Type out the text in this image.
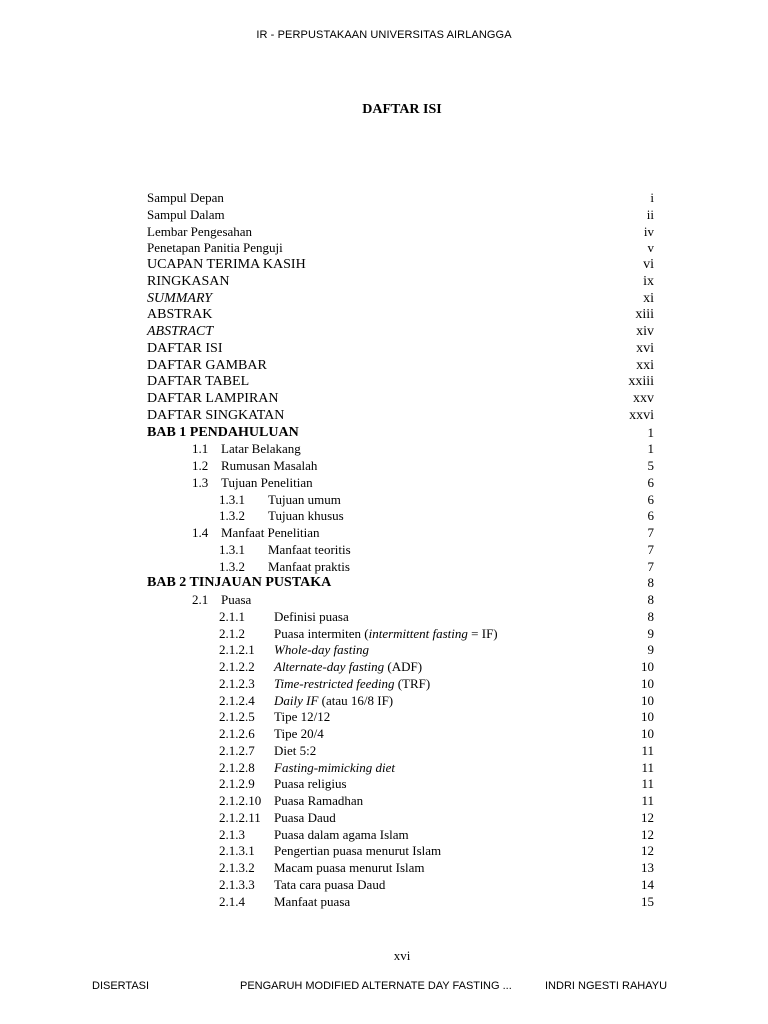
IR - PERPUSTAKAAN UNIVERSITAS AIRLANGGA
DAFTAR ISI
Sampul Depan	i
Sampul Dalam	ii
Lembar Pengesahan	iv
Penetapan Panitia Penguji	v
UCAPAN TERIMA KASIH	vi
RINGKASAN	ix
SUMMARY	xi
ABSTRAK	xiii
ABSTRACT	xiv
DAFTAR ISI	xvi
DAFTAR GAMBAR	xxi
DAFTAR TABEL	xxiii
DAFTAR LAMPIRAN	xxv
DAFTAR SINGKATAN	xxvi
BAB 1 PENDAHULUAN	1
1.1 Latar Belakang	1
1.2 Rumusan Masalah	5
1.3 Tujuan Penelitian	6
1.3.1 Tujuan umum	6
1.3.2 Tujuan khusus	6
1.4 Manfaat Penelitian	7
1.3.1 Manfaat teoritis	7
1.3.2 Manfaat praktis	7
BAB 2 TINJAUAN PUSTAKA	8
2.1 Puasa	8
2.1.1 Definisi puasa	8
2.1.2 Puasa intermiten (intermittent fasting = IF)	9
2.1.2.1 Whole-day fasting	9
2.1.2.2 Alternate-day fasting (ADF)	10
2.1.2.3 Time-restricted feeding (TRF)	10
2.1.2.4 Daily IF (atau 16/8 IF)	10
2.1.2.5 Tipe 12/12	10
2.1.2.6 Tipe 20/4	10
2.1.2.7 Diet 5:2	11
2.1.2.8 Fasting-mimicking diet	11
2.1.2.9 Puasa religius	11
2.1.2.10 Puasa Ramadhan	11
2.1.2.11 Puasa Daud	12
2.1.3 Puasa dalam agama Islam	12
2.1.3.1 Pengertian puasa menurut Islam	12
2.1.3.2 Macam puasa menurut Islam	13
2.1.3.3 Tata cara puasa Daud	14
2.1.4 Manfaat puasa	15
xvi
DISERTASI	PENGARUH MODIFIED ALTERNATE DAY FASTING ...	INDRI NGESTI RAHAYU
